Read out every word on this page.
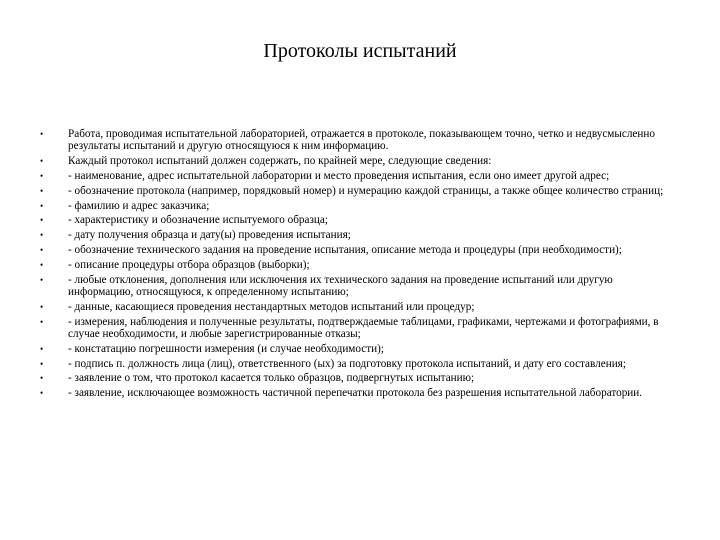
Протоколы испытаний
• Работа, проводимая испытательной лабораторией, отражается в протоколе, показывающем точно, четко и недвусмысленно результаты испытаний и другую относящуюся к ним информацию.
• Каждый протокол испытаний должен содержать, по крайней мере, следующие сведения:
• - наименование, адрес испытательной лаборатории и место проведения испытания, если оно имеет другой адрес;
• - обозначение протокола (например, порядковый номер) и нумерацию каждой страницы, а также общее количество страниц;
• - фамилию и адрес заказчика;
• - характеристику и обозначение испытуемого образца;
• - дату получения образца и дату(ы) проведения испытания;
• - обозначение технического задания на проведение испытания, описание метода и процедуры (при необходимости);
• - описание процедуры отбора образцов (выборки);
• - любые отклонения, дополнения или исключения их технического задания на проведение испытаний или другую информацию, относящуюся, к определенному испытанию;
• - данные, касающиеся проведения нестандартных методов испытаний или процедур;
• - измерения, наблюдения и полученные результаты, подтверждаемые таблицами, графиками, чертежами и фотографиями, в случае необходимости, и любые зарегистрированные отказы;
• - констатацию погрешности измерения (и случае необходимости);
• - подпись п. должность лица (лиц), ответственного (ых) за подготовку протокола испытаний, и дату его составления;
• - заявление о том, что протокол касается только образцов, подвергнутых испытанию;
• - заявление, исключающее возможность частичной перепечатки протокола без разрешения испытательной лаборатории.
